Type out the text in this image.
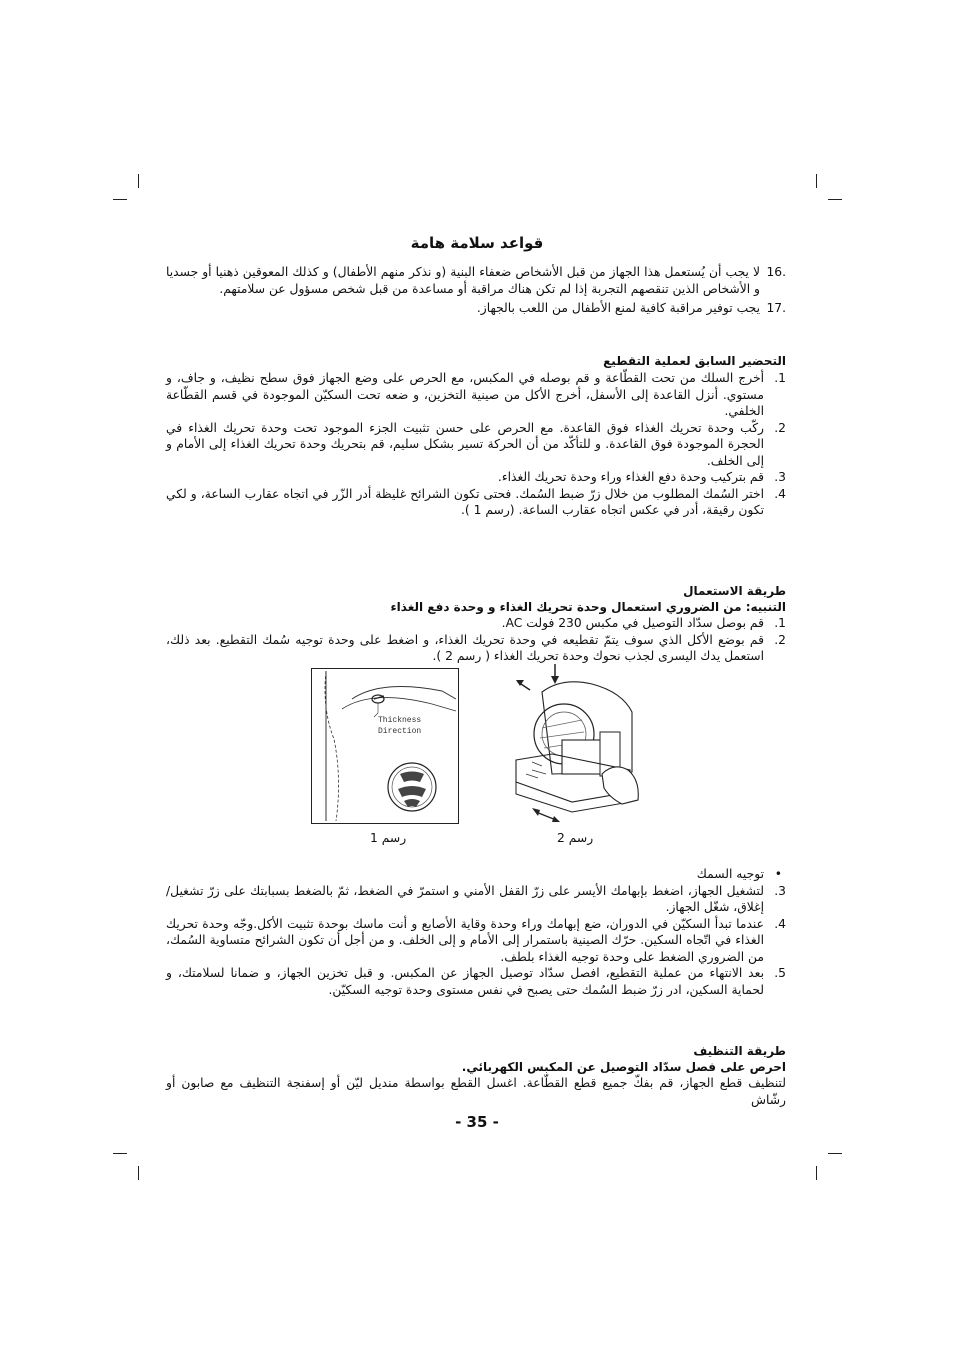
قواعد سلامة هامة
16.
لا يجب أن يُستعمل هذا الجهاز من قبل الأشخاص ضعفاء البنية (و نذكر منهم الأطفال) و كذلك المعوقين ذهنيا أو جسديا و الأشخاص الذين تنقصهم التجربة إذا لم تكن هناك مراقبة أو مساعدة من قبل شخص مسؤول عن سلامتهم.
17.
يجب توفير مراقبة كافية لمنع الأطفال من اللعب بالجهاز.
التحضير السابق لعملية التقطيع
.1
أخرج السلك من تحت القطّاعة و قم بوصله في المكبس، مع الحرص على وضع الجهاز فوق سطح نظيف، و جاف، و مستوي. أنزل القاعدة إلى الأسفل، أخرج الأكل من صينية التخزين، و ضعه تحت السكيّن الموجودة في قسم القطّاعة الخلفي.
.2
ركّب وحدة تحريك الغذاء فوق القاعدة. مع الحرص على حسن تثبيت الجزء الموجود تحت وحدة تحريك الغذاء في الحجرة الموجودة فوق القاعدة. و للتأكّد من أن الحركة تسير بشكل سليم، قم بتحريك وحدة تحريك الغذاء إلى الأمام و إلى الخلف.
.3
قم بتركيب وحدة دفع الغذاء وراء وحدة تحريك الغذاء.
.4
اختر السُمك المطلوب من خلال زرّ ضبط السُمك. فحتى تكون الشرائح غليظة أدر الزّر في اتجاه عقارب الساعة، و لكي تكون رقيقة، أدر في عكس اتجاه عقارب الساعة. (رسم 1 ).
طريقة الاستعمال
التنبيه: من الضروري استعمال وحدة تحريك الغذاء و وحدة دفع الغذاء
.1
قم بوصل سدّاد التوصيل في مكبس 230 فولت AC.
.2
قم بوضع الأكل الذي سوف يتمّ تقطيعه في وحدة تحريك الغذاء، و اضغط على وحدة توجيه سُمك التقطيع. بعد ذلك، استعمل يدك اليسرى لجذب نحوك وحدة تحريك الغذاء ( رسم 2 ).
Thickness
Direction
رسم 1	رسم 2
•
توجيه السمك
.3
لتشغيل الجهاز، اضغط بإبهامك الأيسر على زرّ القفل الأمني و استمرّ في الضغط، ثمّ بالضغط بسبابتك على زرّ تشغيل/إغلاق، شغّل الجهاز.
.4
عندما تبدأ السكيّن في الدوران، ضع إبهامك وراء وحدة وقاية الأصابع و أنت ماسك بوحدة تثبيت الأكل.وجّه وحدة تحريك الغذاء في اتّجاه السكين. حرّك الصينية باستمرار إلى الأمام و إلى الخلف. و من أجل أن تكون الشرائح متساوية السُمك، من الضروري الضغط على وحدة توجيه الغذاء بلطف.
.5
بعد الانتهاء من عملية التقطيع، افصل سدّاد توصيل الجهاز عن المكبس. و قبل تخزين الجهاز، و ضمانا لسلامتك، و لحماية السكين، ادر زرّ ضبط السُمك حتى يصبح في نفس مستوى وحدة توجيه السكيّن.
طريقة التنظيف
احرص على فصل سدّاد التوصيل عن المكبس الكهربائي.

لتنظيف قطع الجهاز، قم بفكّ جميع قطع القطّاعة. اغسل القطع بواسطة منديل ليّن أو إسفنجة التنظيف مع صابون أو رشّاش

- 35 -
